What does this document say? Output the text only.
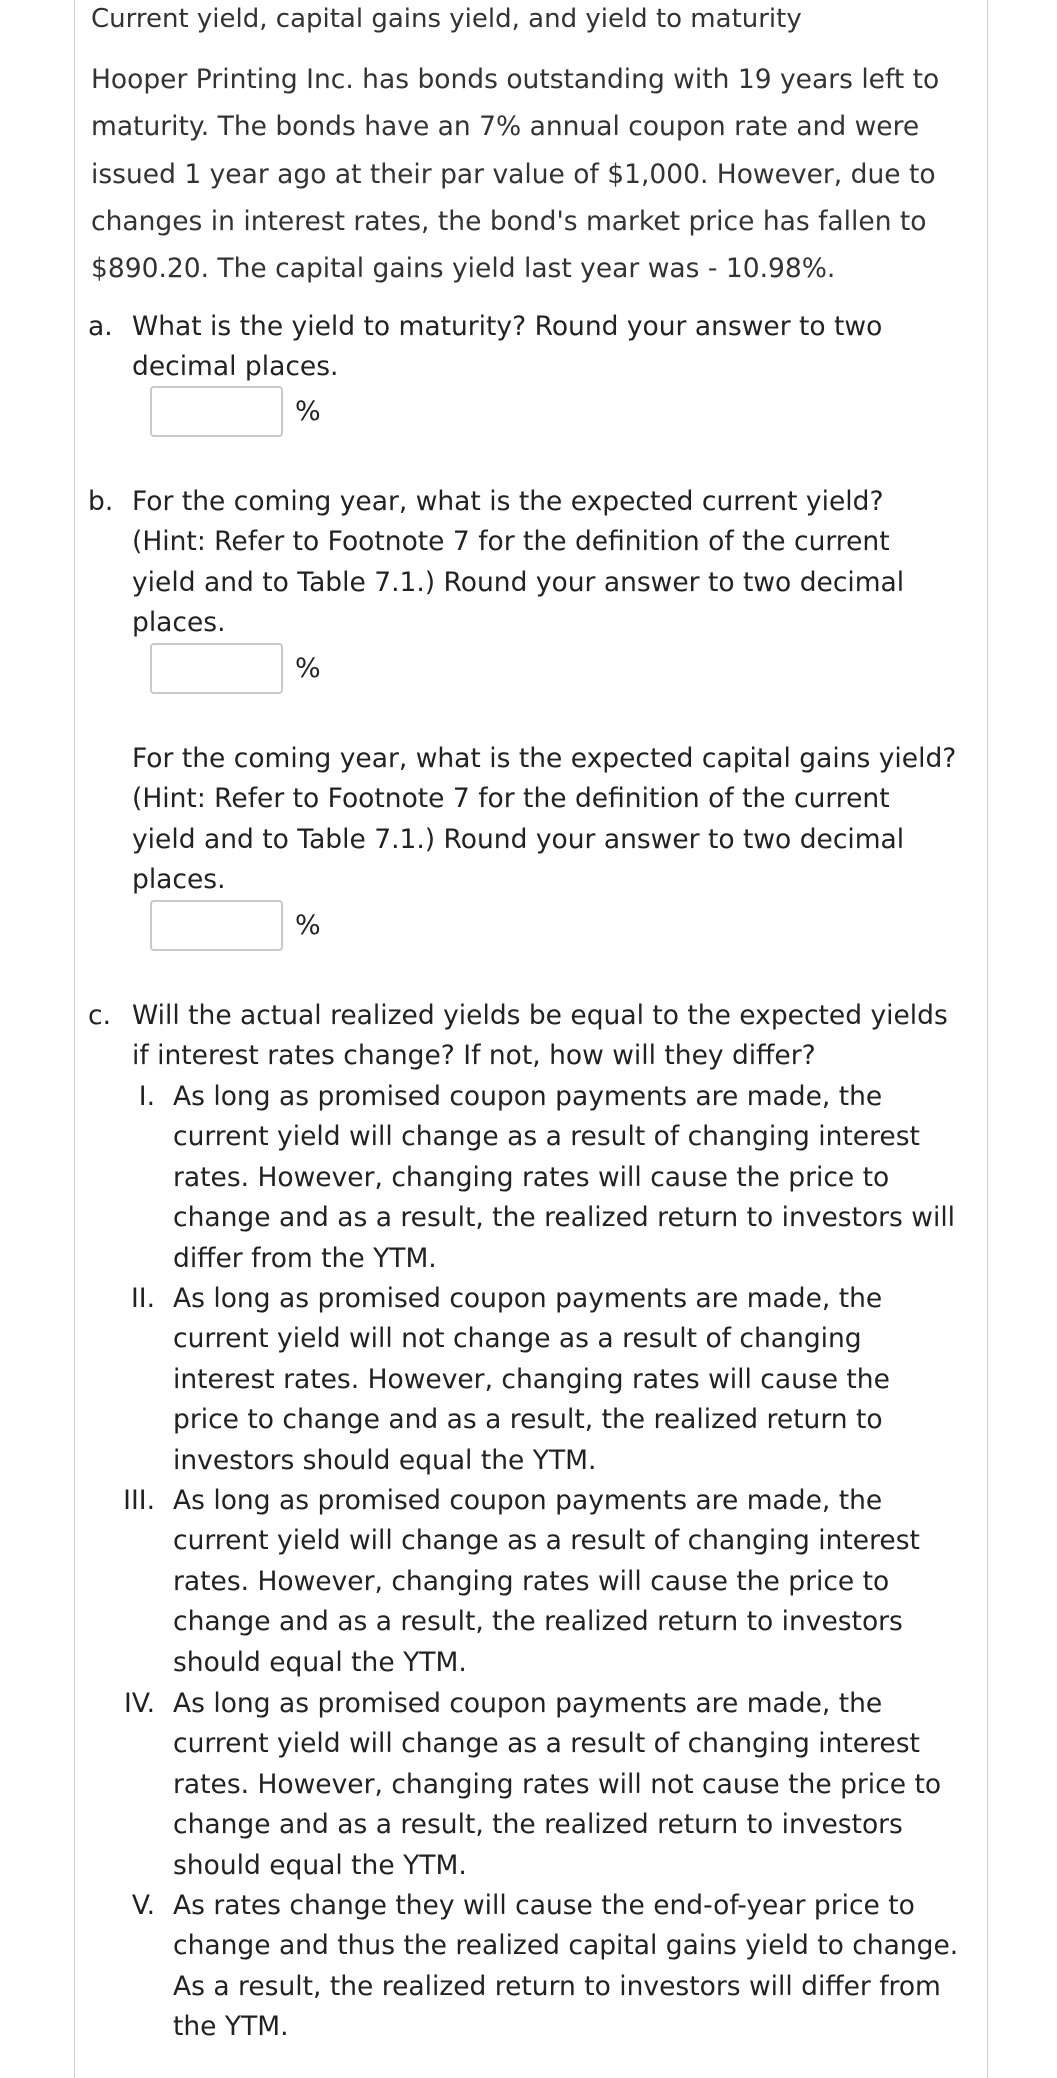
Current yield, capital gains yield, and yield to maturity
Hooper Printing Inc. has bonds outstanding with 19 years left to
maturity. The bonds have an 7% annual coupon rate and were
issued 1 year ago at their par value of $1,000. However, due to
changes in interest rates, the bond's market price has fallen to
$890.20. The capital gains yield last year was - 10.98%.
a. What is the yield to maturity? Round your answer to two
decimal places.
%
b. For the coming year, what is the expected current yield?
(Hint: Refer to Footnote 7 for the definition of the current
yield and to Table 7.1.) Round your answer to two decimal
places.
%
For the coming year, what is the expected capital gains yield?
(Hint: Refer to Footnote 7 for the definition of the current
yield and to Table 7.1.) Round your answer to two decimal
places.
%
c. Will the actual realized yields be equal to the expected yields
if interest rates change? If not, how will they differ?
I. As long as promised coupon payments are made, the
current yield will change as a result of changing interest
rates. However, changing rates will cause the price to
change and as a result, the realized return to investors will
differ from the YTM.
II. As long as promised coupon payments are made, the
current yield will not change as a result of changing
interest rates. However, changing rates will cause the
price to change and as a result, the realized return to
investors should equal the YTM.
III. As long as promised coupon payments are made, the
current yield will change as a result of changing interest
rates. However, changing rates will cause the price to
change and as a result, the realized return to investors
should equal the YTM.
IV. As long as promised coupon payments are made, the
current yield will change as a result of changing interest
rates. However, changing rates will not cause the price to
change and as a result, the realized return to investors
should equal the YTM.
V. As rates change they will cause the end-of-year price to
change and thus the realized capital gains yield to change.
As a result, the realized return to investors will differ from
the YTM.
